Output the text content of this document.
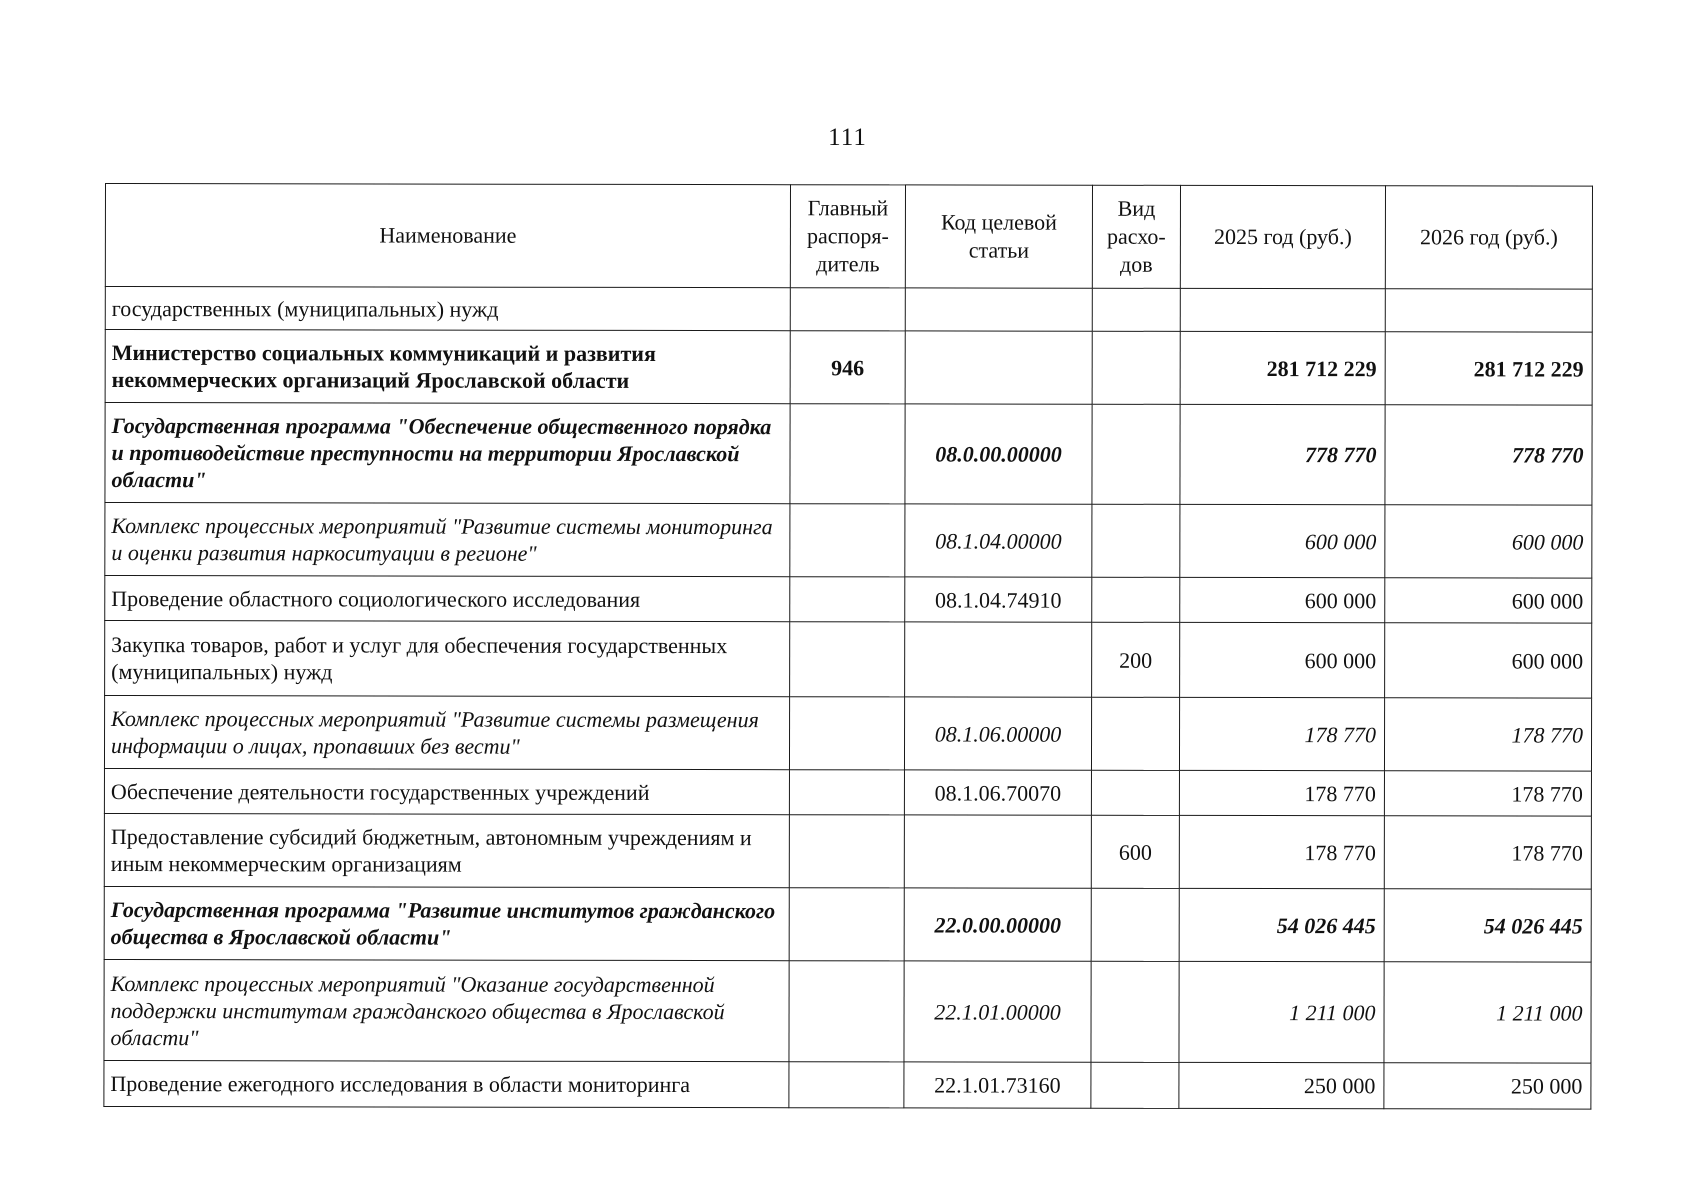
111
Наименование	Главный распоря-дитель	Код целевой статьи	Вид расхо-дов	2025 год (руб.)	2026 год (руб.)
государственных (муниципальных) нужд					
Министерство социальных коммуникаций и развития некоммерческих организаций Ярославской области	946			281 712 229	281 712 229
Государственная программа "Обеспечение общественного порядка и противодействие преступности на территории Ярославской области"		08.0.00.00000		778 770	778 770
Комплекс процессных мероприятий "Развитие системы мониторинга и оценки развития наркоситуации в регионе"		08.1.04.00000		600 000	600 000
Проведение областного социологического исследования		08.1.04.74910		600 000	600 000
Закупка товаров, работ и услуг для обеспечения государственных (муниципальных) нужд			200	600 000	600 000
Комплекс процессных мероприятий "Развитие системы размещения информации о лицах, пропавших без вести"		08.1.06.00000		178 770	178 770
Обеспечение деятельности государственных учреждений		08.1.06.70070		178 770	178 770
Предоставление субсидий бюджетным, автономным учреждениям и иным некоммерческим организациям			600	178 770	178 770
Государственная программа "Развитие институтов гражданского общества в Ярославской области"		22.0.00.00000		54 026 445	54 026 445
Комплекс процессных мероприятий "Оказание государственной поддержки институтам гражданского общества в Ярославской области"		22.1.01.00000		1 211 000	1 211 000
Проведение ежегодного исследования в области мониторинга		22.1.01.73160		250 000	250 000
